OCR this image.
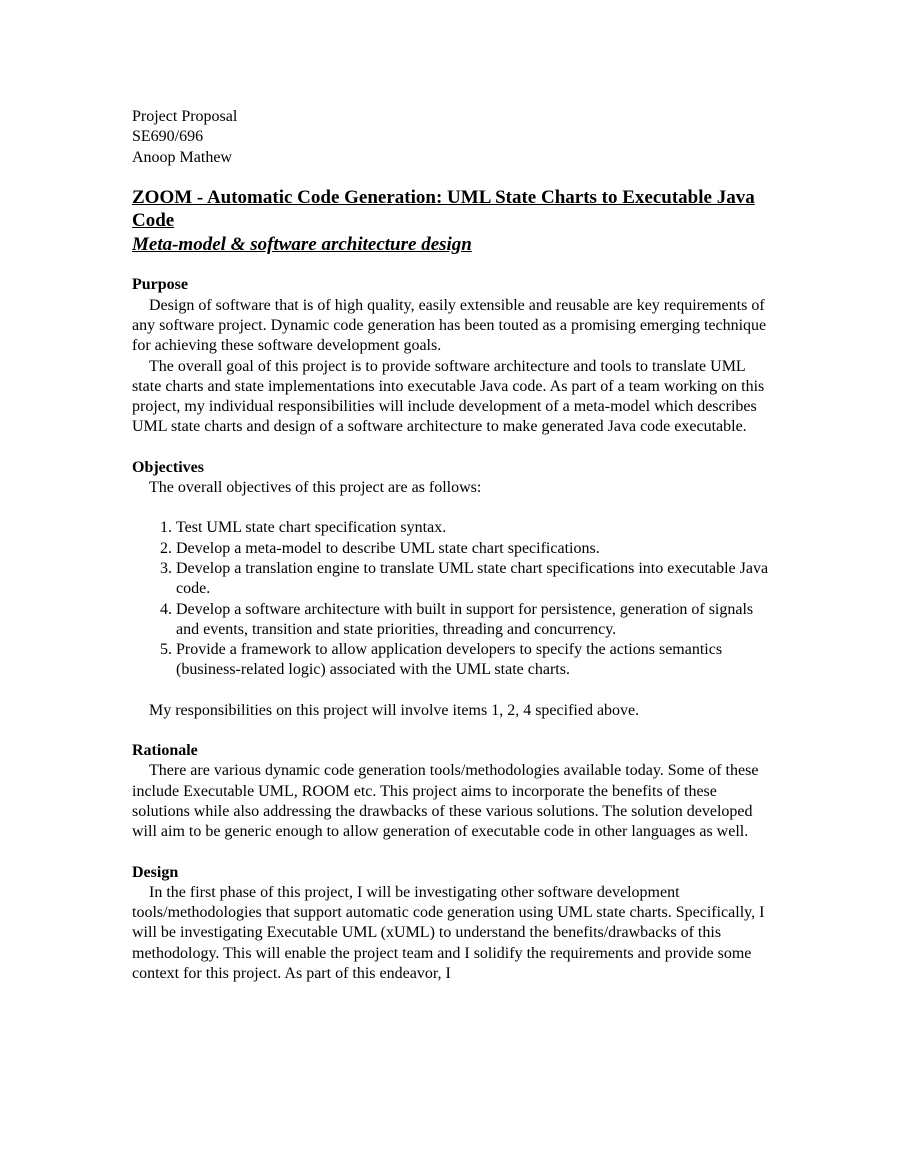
Project Proposal
SE690/696
Anoop Mathew
ZOOM - Automatic Code Generation: UML State Charts to Executable Java Code
Meta-model & software architecture design
Purpose

Design of software that is of high quality, easily extensible and reusable are key requirements of any software project. Dynamic code generation has been touted as a promising emerging technique for achieving these software development goals.

The overall goal of this project is to provide software architecture and tools to translate UML state charts and state implementations into executable Java code. As part of a team working on this project, my individual responsibilities will include development of a meta-model which describes UML state charts and design of a software architecture to make generated Java code executable.

Objectives

The overall objectives of this project are as follows:

1. Test UML state chart specification syntax.
2. Develop a meta-model to describe UML state chart specifications.
3. Develop a translation engine to translate UML state chart specifications into executable Java code.
4. Develop a software architecture with built in support for persistence, generation of signals and events, transition and state priorities, threading and concurrency.
5. Provide a framework to allow application developers to specify the actions semantics (business-related logic) associated with the UML state charts.

My responsibilities on this project will involve items 1, 2, 4 specified above.

Rationale

There are various dynamic code generation tools/methodologies available today. Some of these include Executable UML, ROOM etc. This project aims to incorporate the benefits of these solutions while also addressing the drawbacks of these various solutions. The solution developed will aim to be generic enough to allow generation of executable code in other languages as well.

Design

In the first phase of this project, I will be investigating other software development tools/methodologies that support automatic code generation using UML state charts. Specifically, I will be investigating Executable UML (xUML) to understand the benefits/drawbacks of this methodology. This will enable the project team and I solidify the requirements and provide some context for this project. As part of this endeavor, I
